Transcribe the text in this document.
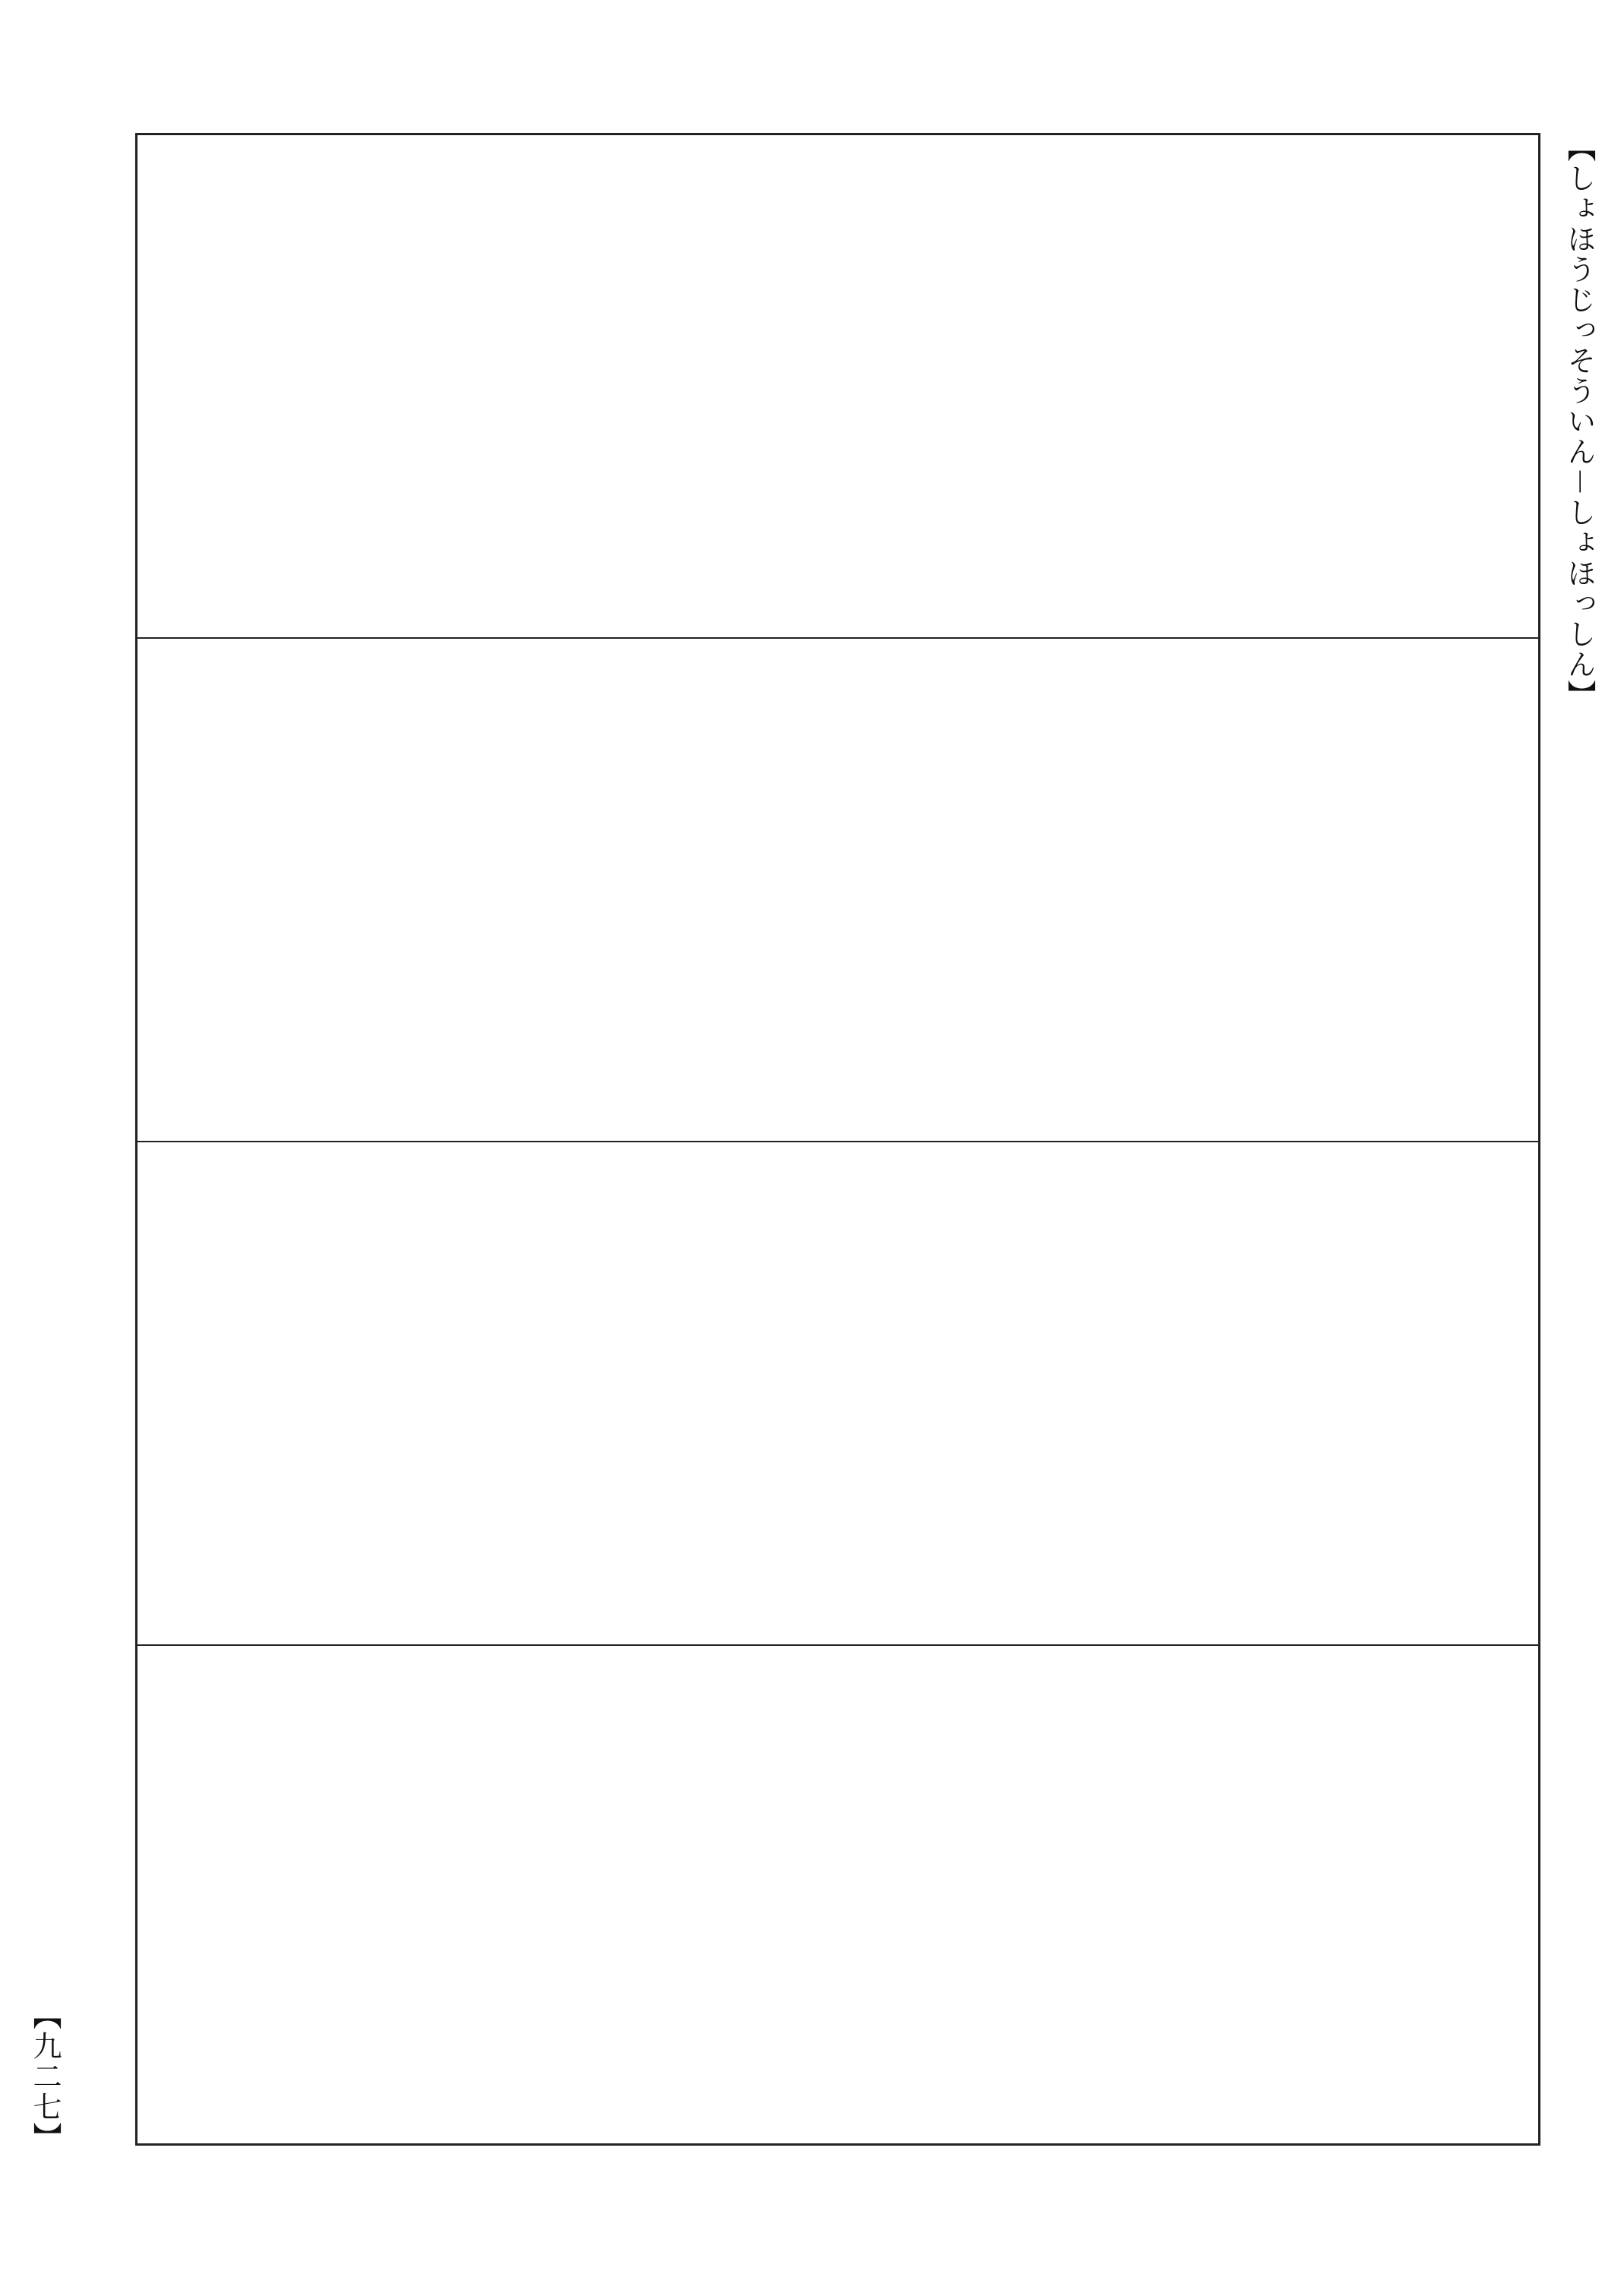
【しょほうじっそういん－しょほっしん】
【九二七】
